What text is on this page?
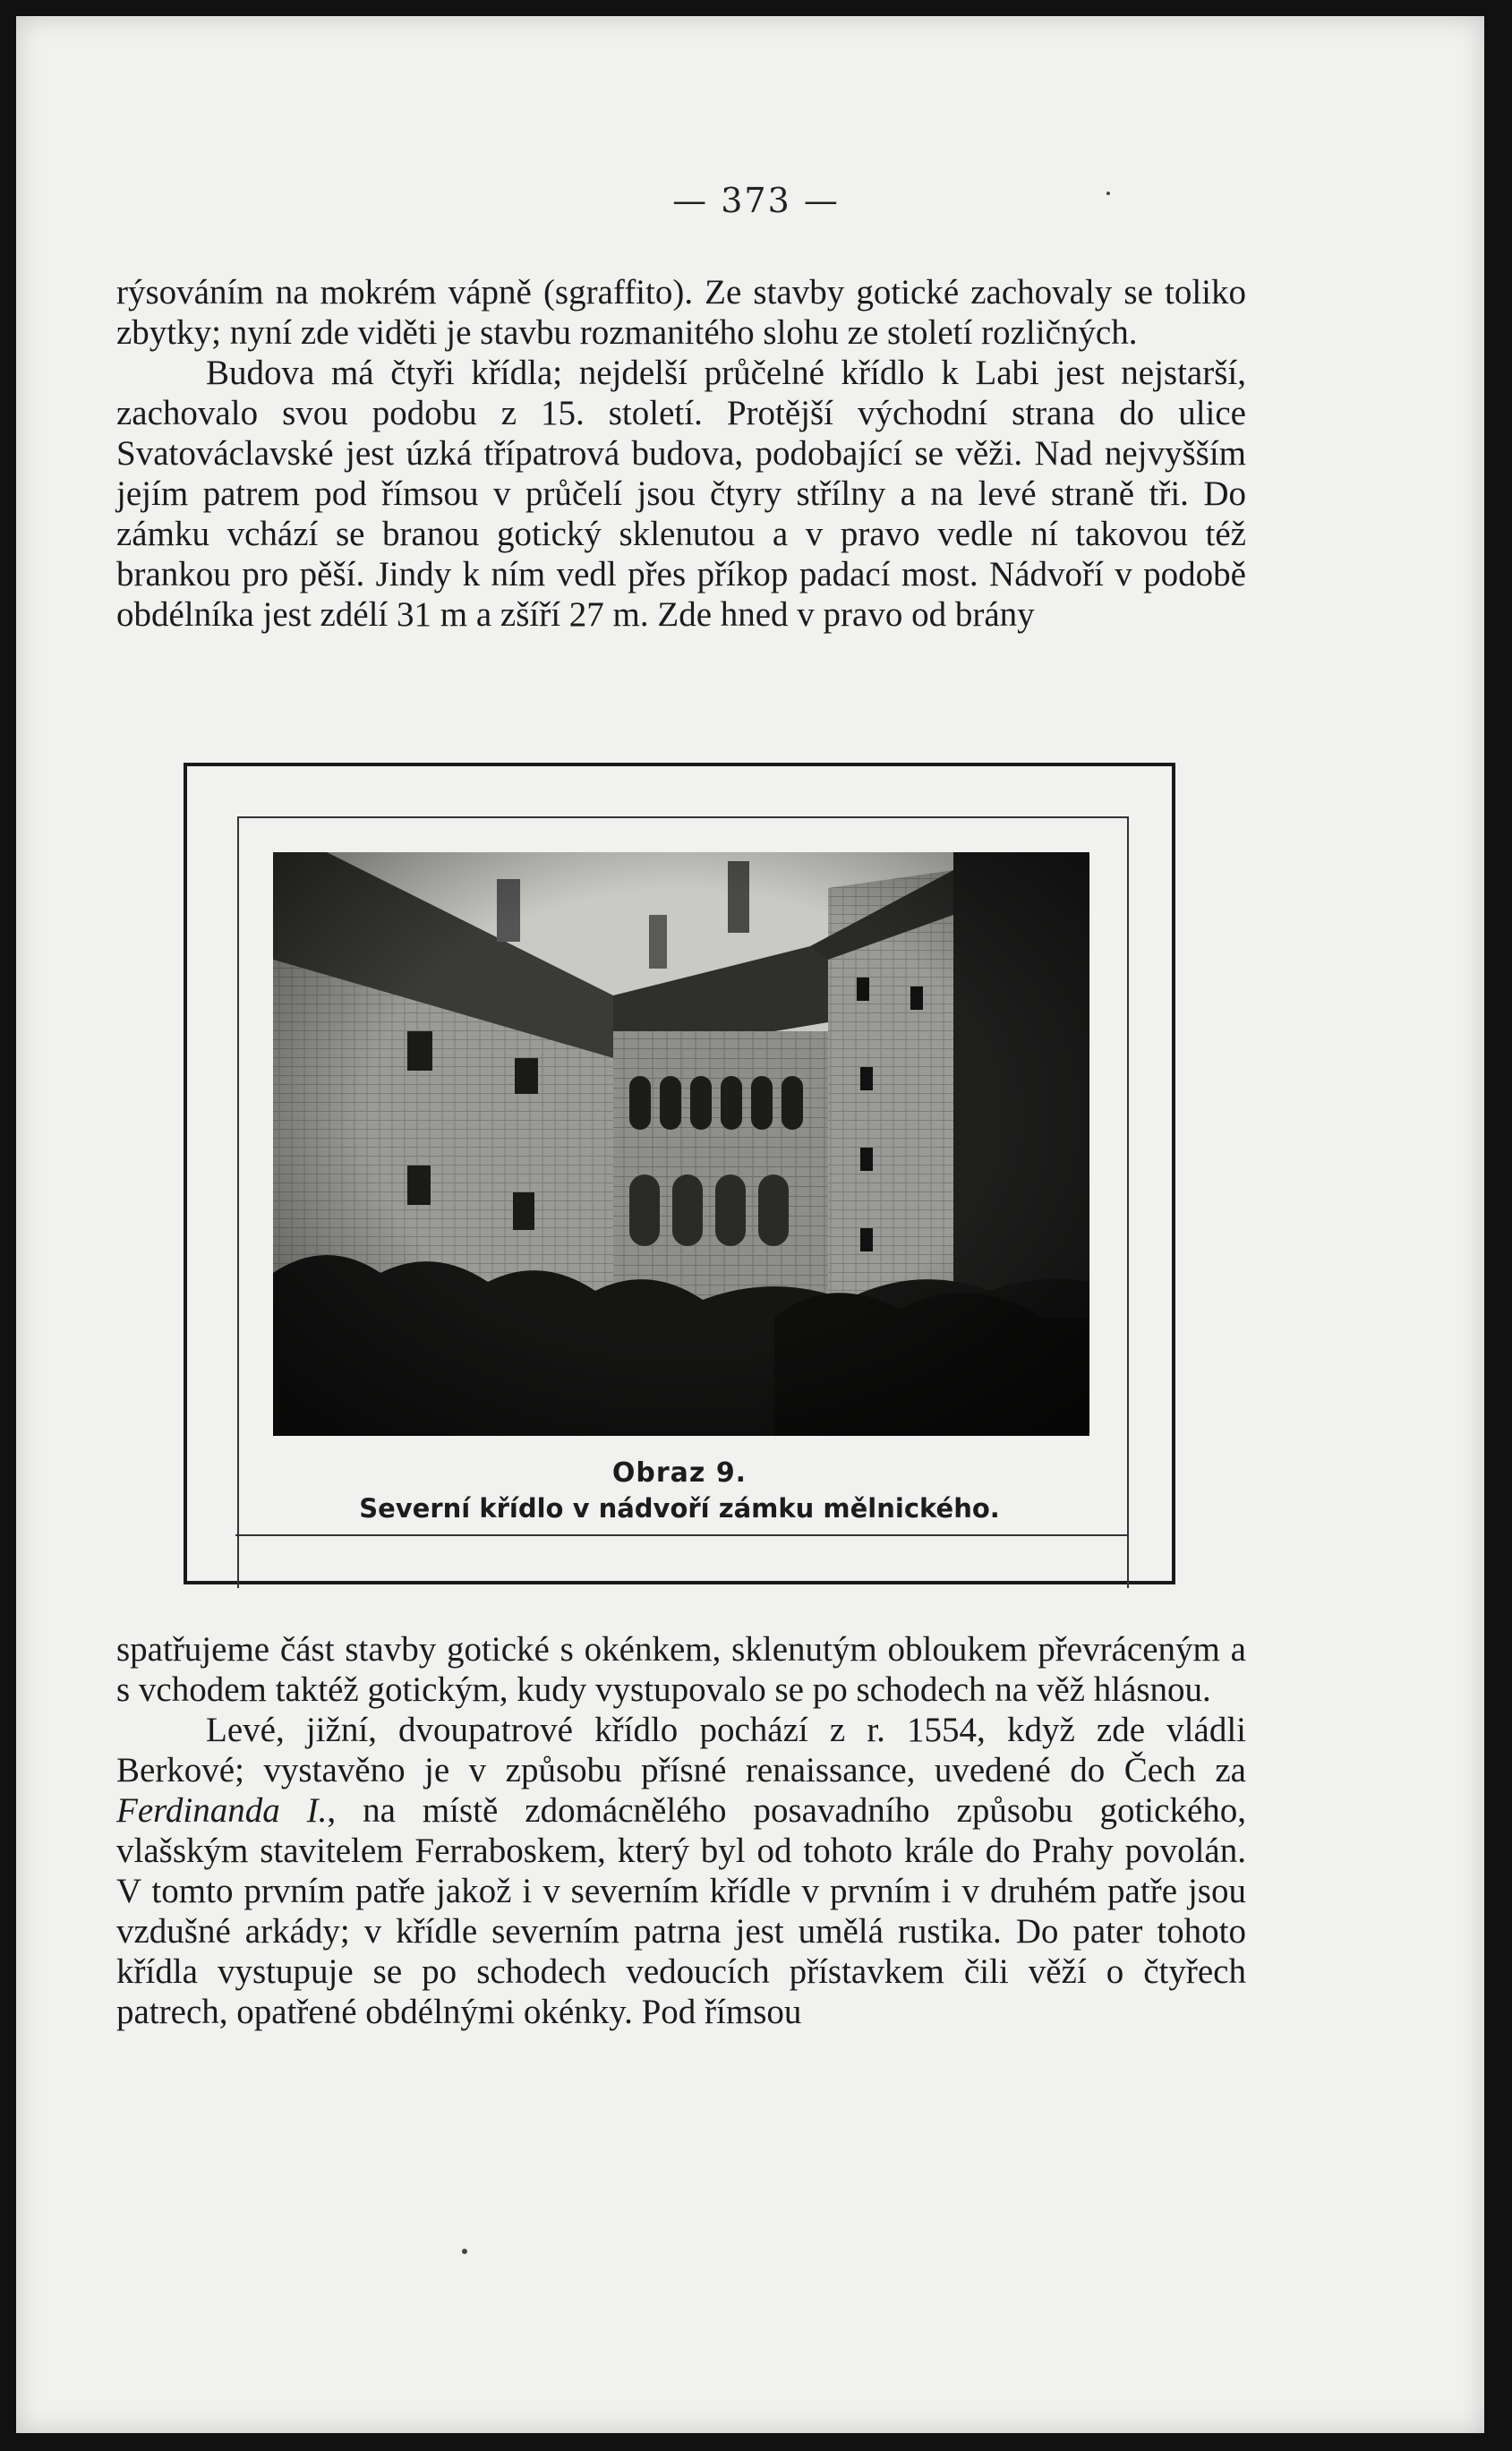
— 373 —

rýsováním na mokrém vápně (sgraffito). Ze stavby gotické zachovaly se toliko zbytky; nyní zde viděti je stavbu rozmanitého slohu ze století rozličných.

Budova má čtyři křídla; nejdelší průčelné křídlo k Labi jest nejstarší, zachovalo svou podobu z 15. století. Protější východní strana do ulice Svatováclavské jest úzká třípatrová budova, podobající se věži. Nad nejvyšším jejím patrem pod římsou v průčelí jsou čtyry střílny a na levé straně tři. Do zámku vchází se branou gotický sklenutou a v pravo vedle ní takovou též brankou pro pěší. Jindy k ním vedl přes příkop padací most. Nádvoří v podobě obdélníka jest zdélí 31 m a zšíří 27 m. Zde hned v pravo od brány

Obraz 9.
Severní křídlo v nádvoří zámku mělnického.

spatřujeme část stavby gotické s okénkem, sklenutým obloukem převráceným a s vchodem taktéž gotickým, kudy vystupovalo se po schodech na věž hlásnou.

Levé, jižní, dvoupatrové křídlo pochází z r. 1554, když zde vládli Berkové; vystavěno je v způsobu přísné renaissance, uvedené do Čech za Ferdinanda I., na místě zdomácnělého posavadního způsobu gotického, vlašským stavitelem Ferraboskem, který byl od tohoto krále do Prahy povolán. V tomto prvním patře jakož i v severním křídle v prvním i v druhém patře jsou vzdušné arkády; v křídle severním patrna jest umělá rustika. Do pater tohoto křídla vystupuje se po schodech vedoucích přístavkem čili věží o čtyřech patrech, opatřené obdélnými okénky. Pod římsou
